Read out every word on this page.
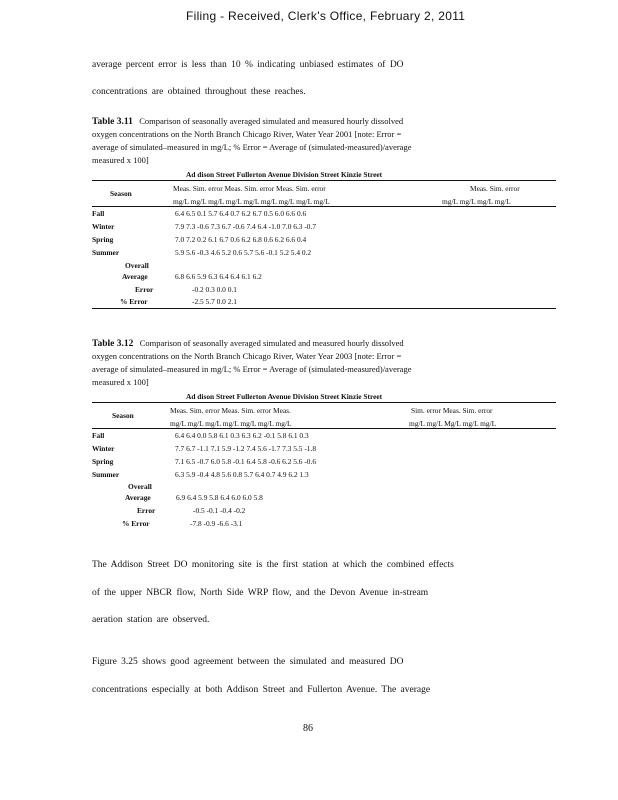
Filing - Received, Clerk's Office, February 2, 2011
average percent error is less than 10 % indicating unbiased estimates of DO
concentrations are obtained throughout these reaches.
Table 3.11 Comparison of seasonally averaged simulated and measured hourly dissolved
oxygen concentrations on the North Branch Chicago River, Water Year 2001 [note: Error =
average of simulated–measured in mg/L; % Error = Average of (simulated-measured)/average
measured x 100]
Ad dison Street Fullerton Avenue Division Street Kinzie Street
Season
Meas. Sim. error Meas. Sim. error Meas. Sim. error	Meas. Sim. error
mg/L mg/L mg/L mg/L mg/L mg/L mg/L mg/L mg/L	mg/L mg/L mg/L mg/L
Fall	6.4 6.5 0.1 5.7 6.4 0.7 6.2 6.7 0.5 6.0 6.6 0.6
Winter	7.9 7.3 -0.6 7.3 6.7 -0.6 7.4 6.4 -1.0 7.0 6.3 -0.7
Spring	7.0 7.2 0.2 6.1 6.7 0.6 6.2 6.8 0.6 6.2 6.6 0.4
Summer	5.9 5.6 -0.3 4.6 5.2 0.6 5.7 5.6 -0.1 5.2 5.4 0.2
Overall
Average	6.8 6.6 5.9 6.3 6.4 6.4 6.1 6.2
Error	-0.2 0.3 0.0 0.1
% Error	-2.5 5.7 0.0 2.1
Table 3.12 Comparison of seasonally averaged simulated and measured hourly dissolved
oxygen concentrations on the North Branch Chicago River, Water Year 2003 [note: Error =
average of simulated–measured in mg/L; % Error = Average of (simulated-measured)/average
measured x 100]
Ad dison Street Fullerton Avenue Division Street Kinzie Street
Season
Meas. Sim. error Meas. Sim. error Meas.	Sim. error Meas. Sim. error
mg/L mg/L mg/L mg/L mg/L mg/L mg/L	mg/L mg/L Mg/L mg/L mg/L
Fall	6.4 6.4 0.0 5.8 6.1 0.3 6.3 6.2 -0.1 5.8 6.1 0.3
Winter	7.7 6.7 -1.1 7.1 5.9 -1.2 7.4 5.6 -1.7 7.3 5.5 -1.8
Spring	7.1 6.5 -0.7 6.0 5.8 -0.1 6.4 5.8 -0.6 6.2 5.6 -0.6
Summer	6.3 5.9 -0.4 4.8 5.6 0.8 5.7 6.4 0.7 4.9 6.2 1.3
Overall
Average	6.9 6.4 5.9 5.8 6.4 6.0 6.0 5.8
Error	-0.5 -0.1 -0.4 -0.2
% Error	-7.8 -0.9 -6.6 -3.1
The Addison Street DO monitoring site is the first station at which the combined effects
of the upper NBCR flow, North Side WRP flow, and the Devon Avenue in-stream
aeration station are observed.
Figure 3.25 shows good agreement between the simulated and measured DO
concentrations especially at both Addison Street and Fullerton Avenue. The average
86
